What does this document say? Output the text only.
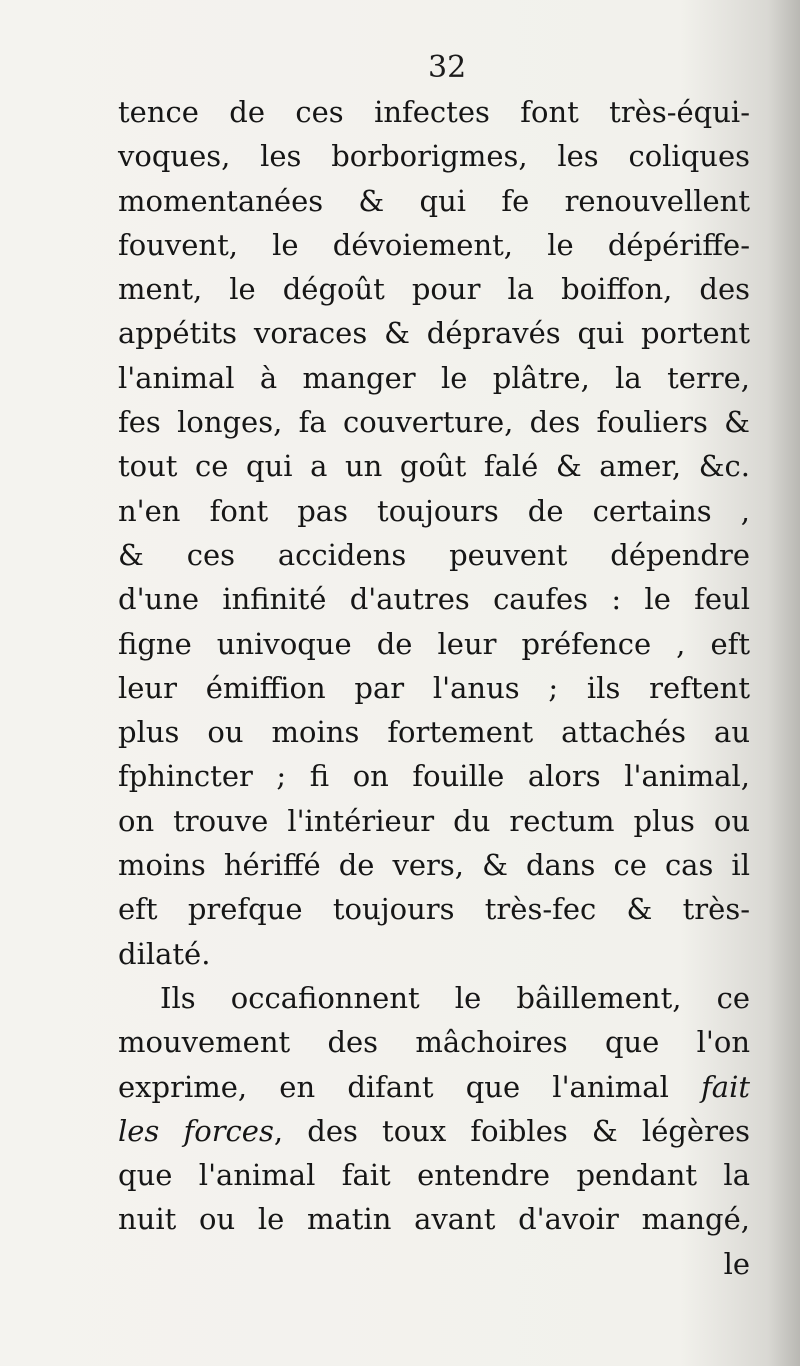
32
tence de ces infectes font très-équi-
voques, les borborigmes, les coliques
momentanées & qui fe renouvellent
fouvent, le dévoiement, le dépériffe-
ment, le dégoût pour la boiffon, des
appétits voraces & dépravés qui portent
l'animal à manger le plâtre, la terre,
fes longes, fa couverture, des fouliers &
tout ce qui a un goût falé & amer, &c.
n'en font pas toujours de certains ,
& ces accidens peuvent dépendre
d'une infinité d'autres caufes : le feul
figne univoque de leur préfence , eft
leur émiffion par l'anus ; ils reftent
plus ou moins fortement attachés au
fphincter ; fi on fouille alors l'animal,
on trouve l'intérieur du rectum plus ou
moins hériffé de vers, & dans ce cas il
eft prefque toujours très-fec & très-
dilaté.
Ils occafionnent le bâillement, ce
mouvement des mâchoires que l'on
exprime, en difant que l'animal fait
les forces, des toux foibles & légères
que l'animal fait entendre pendant la
nuit ou le matin avant d'avoir mangé,
le
